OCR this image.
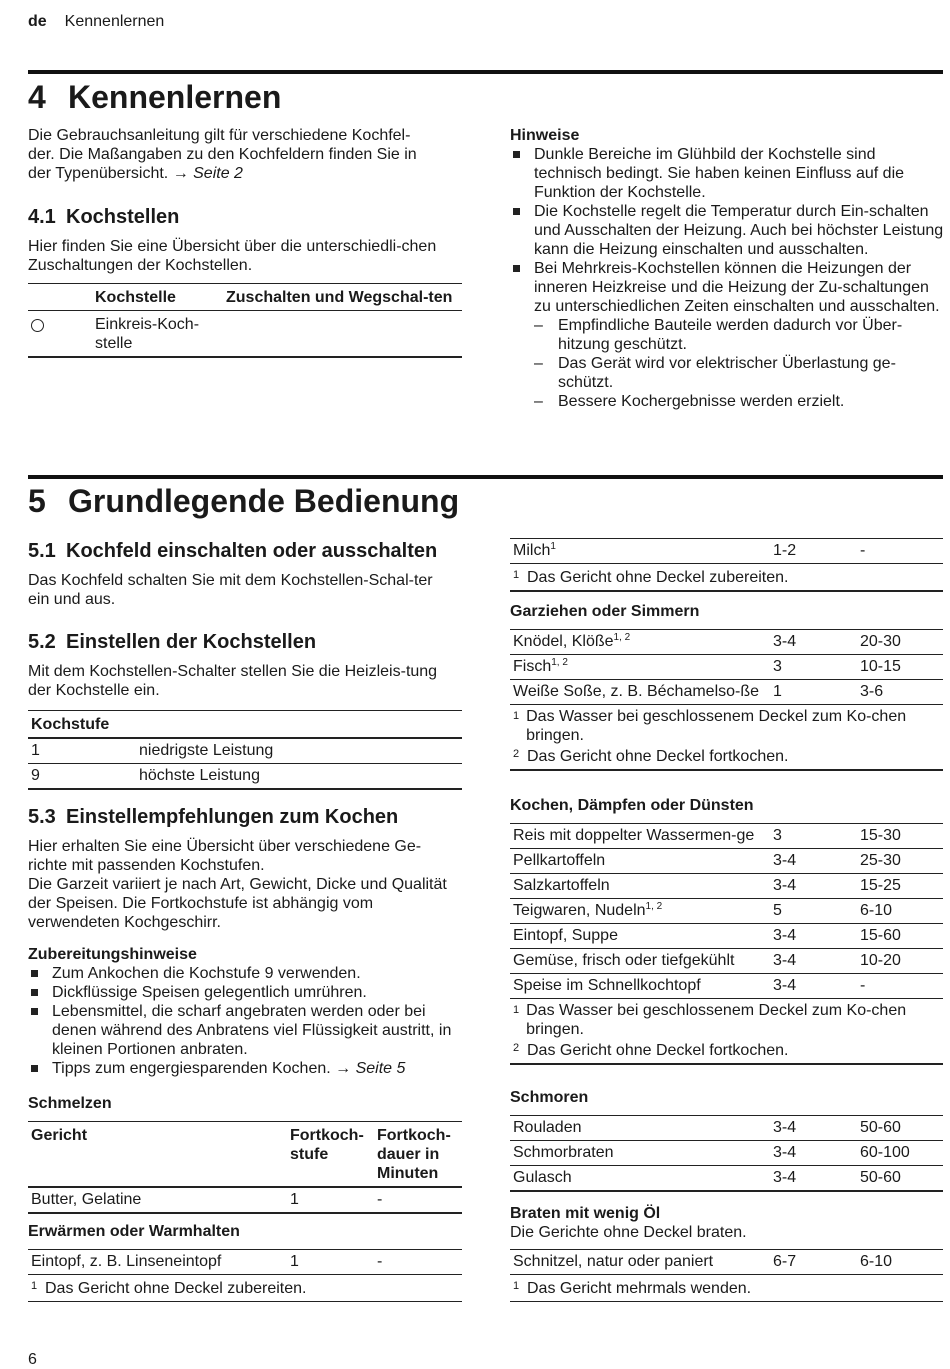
de Kennenlernen
4 Kennenlernen
Die Gebrauchsanleitung gilt für verschiedene Kochfel-
der. Die Maßangaben zu den Kochfeldern finden Sie in
der Typenübersicht. → Seite 2
4.1 Kochstellen
Hier finden Sie eine Übersicht über die unterschiedli-chen Zuschaltungen der Kochstellen.
	Kochstelle	Zuschalten und Wegschal-ten
	Einkreis-Koch-stelle	
Hinweise
Dunkle Bereiche im Glühbild der Kochstelle sind technisch bedingt. Sie haben keinen Einfluss auf die Funktion der Kochstelle.
Die Kochstelle regelt die Temperatur durch Ein-schalten und Ausschalten der Heizung. Auch bei höchster Leistung kann die Heizung einschalten und ausschalten.
Bei Mehrkreis-Kochstellen können die Heizungen der inneren Heizkreise und die Heizung der Zu-schaltungen zu unterschiedlichen Zeiten einschalten und ausschalten.
– Empfindliche Bauteile werden dadurch vor Über-hitzung geschützt.
– Das Gerät wird vor elektrischer Überlastung ge-schützt.
– Bessere Kochergebnisse werden erzielt.
5 Grundlegende Bedienung
5.1 Kochfeld einschalten oder ausschalten
Das Kochfeld schalten Sie mit dem Kochstellen-Schal-ter ein und aus.
5.2 Einstellen der Kochstellen
Mit dem Kochstellen-Schalter stellen Sie die Heizleis-tung der Kochstelle ein.
Kochstufe	
1	niedrigste Leistung
9	höchste Leistung
5.3 Einstellempfehlungen zum Kochen
Hier erhalten Sie eine Übersicht über verschiedene Ge-richte mit passenden Kochstufen.
Die Garzeit variiert je nach Art, Gewicht, Dicke und Qualität der Speisen. Die Fortkochstufe ist abhängig vom verwendeten Kochgeschirr.
Zubereitungshinweise
Zum Ankochen die Kochstufe 9 verwenden.
Dickflüssige Speisen gelegentlich umrühren.
Lebensmittel, die scharf angebraten werden oder bei denen während des Anbratens viel Flüssigkeit austritt, in kleinen Portionen anbraten.
Tipps zum engergiesparenden Kochen. → Seite 5
Schmelzen
Gericht	Fortkoch-stufe	Fortkoch-dauer in Minuten
Butter, Gelatine	1	-
Erwärmen oder Warmhalten
Eintopf, z. B. Linseneintopf	1	-
1 Das Gericht ohne Deckel zubereiten.
Milch$^1$	1-2	-
1 Das Gericht ohne Deckel zubereiten.
Garziehen oder Simmern
Knödel, Klöße$^{1, 2}$	3-4	20-30
Fisch$^{1, 2}$	3	10-15
Weiße Soße, z. B. Béchamelso-ße	1	3-6

1 Das Wasser bei geschlossenem Deckel zum Ko-chen bringen.		

2 Das Gericht ohne Deckel fortkochen.		
Kochen, Dämpfen oder Dünsten
Reis mit doppelter Wassermen-ge	3	15-30
Pellkartoffeln	3-4	25-30
Salzkartoffeln	3-4	15-25
Teigwaren, Nudeln$^{1, 2}$	5	6-10
Eintopf, Suppe	3-4	15-60
Gemüse, frisch oder tiefgekühlt	3-4	10-20
Speise im Schnellkochtopf	3-4	-

1 Das Wasser bei geschlossenem Deckel zum Ko-chen bringen.		

2 Das Gericht ohne Deckel fortkochen.		
Schmoren
Rouladen	3-4	50-60
Schmorbraten	3-4	60-100
Gulasch	3-4	50-60
Braten mit wenig Öl
Die Gerichte ohne Deckel braten.
Schnitzel, natur oder paniert	6-7	6-10
1 Das Gericht mehrmals wenden.
6
